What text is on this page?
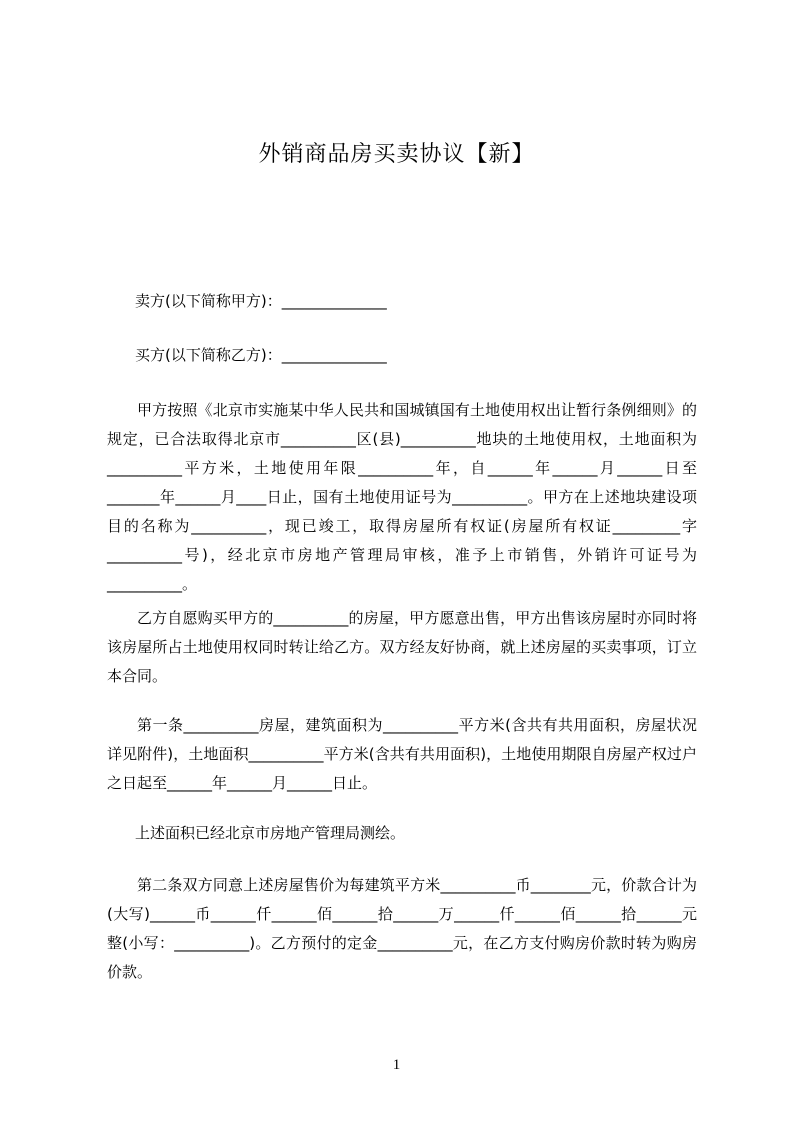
外销商品房买卖协议【新】
卖方(以下简称甲方)：______________
买方(以下简称乙方)：______________
甲方按照《北京市实施某中华人民共和国城镇国有土地使用权出让暂行条例细则》的规定，已合法取得北京市__________区(县)__________地块的土地使用权，土地面积为__________平方米，土地使用年限__________年，自______年______月______日至_______年______月____日止，国有土地使用证号为__________。甲方在上述地块建设项目的名称为__________，现已竣工，取得房屋所有权证(房屋所有权证_________字__________号)，经北京市房地产管理局审核，准予上市销售，外销许可证号为__________。
乙方自愿购买甲方的__________的房屋，甲方愿意出售，甲方出售该房屋时亦同时将该房屋所占土地使用权同时转让给乙方。双方经友好协商，就上述房屋的买卖事项，订立本合同。
第一条__________房屋，建筑面积为__________平方米(含共有共用面积，房屋状况详见附件)，土地面积__________平方米(含共有共用面积)，土地使用期限自房屋产权过户之日起至______年______月______日止。
上述面积已经北京市房地产管理局测绘。
第二条双方同意上述房屋售价为每建筑平方米__________币________元，价款合计为(大写)______币______仟______佰______拾______万______仟______佰______拾______元整(小写：__________)。乙方预付的定金__________元，在乙方支付购房价款时转为购房价款。
1
